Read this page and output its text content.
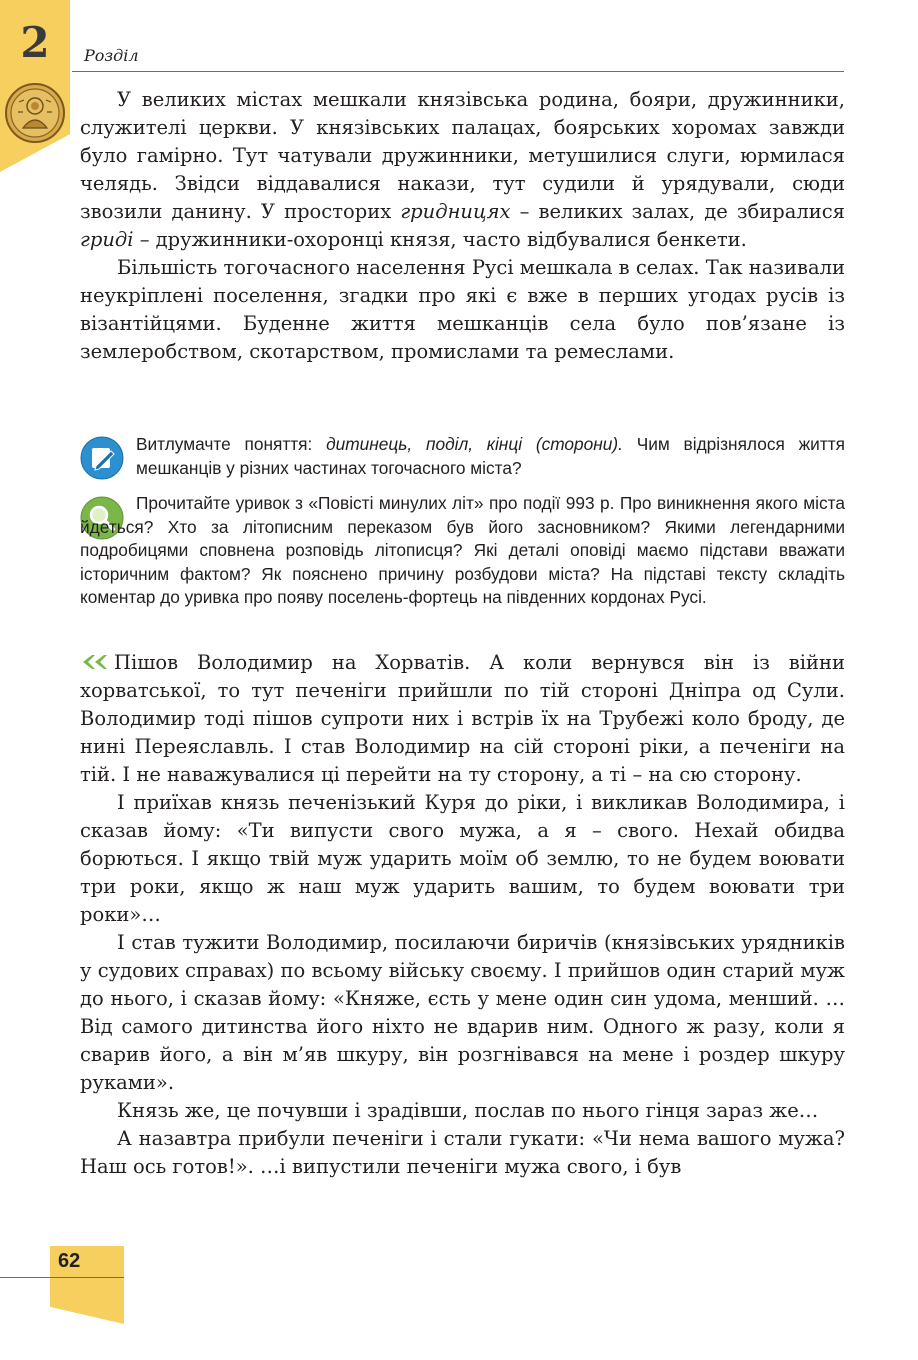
2	Розділ

У великих містах мешкали князівська родина, бояри, дружинники, служителі церкви. У князівських палацах, боярських хоромах завжди було гамірно. Тут чатували дружинники, метушилися слуги, юрмилася челядь. Звідси віддавалися накази, тут судили й урядували, сюди звозили данину. У просторих гридницях – великих залах, де збиралися гриді – дружинники-охоронці князя, часто відбувалися бенкети.

Більшість тогочасного населення Русі мешкала в селах. Так називали неукріплені поселення, згадки про які є вже в перших угодах русів із візантійцями. Буденне життя мешканців села було пов’язане із землеробством, скотарством, промислами та ремеслами.

Витлумачте поняття: дитинець, поділ, кінці (сторони). Чим відрізнялося життя мешканців у різних частинах тогочасного міста?
Прочитайте уривок з «Повісті минулих літ» про події 993 р. Про виникнення якого міста йдеться? Хто за літописним переказом був його засновником? Якими легендарними подробицями сповнена розповідь літописця? Які деталі оповіді маємо підстави вважати історичним фактом? Як пояснено причину розбудови міста? На підставі тексту складіть коментар до уривка про появу поселень-фортець на південних кордонах Русі.

Пішов Володимир на Хорватів. А коли вернувся він із війни хорватської, то тут печеніги прийшли по тій стороні Дніпра од Сули. Володимир тоді пішов супроти них і встрів їх на Трубежі коло броду, де нині Переяславль. І став Володимир на сій стороні ріки, а печеніги на тій. І не наважувалися ці перейти на ту сторону, а ті – на сю сторону.

І приїхав князь печенізький Куря до ріки, і викликав Володимира, і сказав йому: «Ти випусти свого мужа, а я – свого. Нехай обидва борються. І якщо твій муж ударить моїм об землю, то не будем воювати три роки, якщо ж наш муж ударить вашим, то будем воювати три роки»…

І став тужити Володимир, посилаючи биричів (князівських урядників у судових справах) по всьому війську своєму. І прийшов один старий муж до нього, і сказав йому: «Княже, єсть у мене один син удома, менший. …Від самого дитинства його ніхто не вдарив ним. Одного ж разу, коли я сварив його, а він м’яв шкуру, він розгнівався на мене і роздер шкуру руками».

Князь же, це почувши і зрадівши, послав по нього гінця зараз же…

А назавтра прибули печеніги і стали гукати: «Чи нема вашого мужа? Наш ось готов!». …і випустили печеніги мужа свого, і був

62
